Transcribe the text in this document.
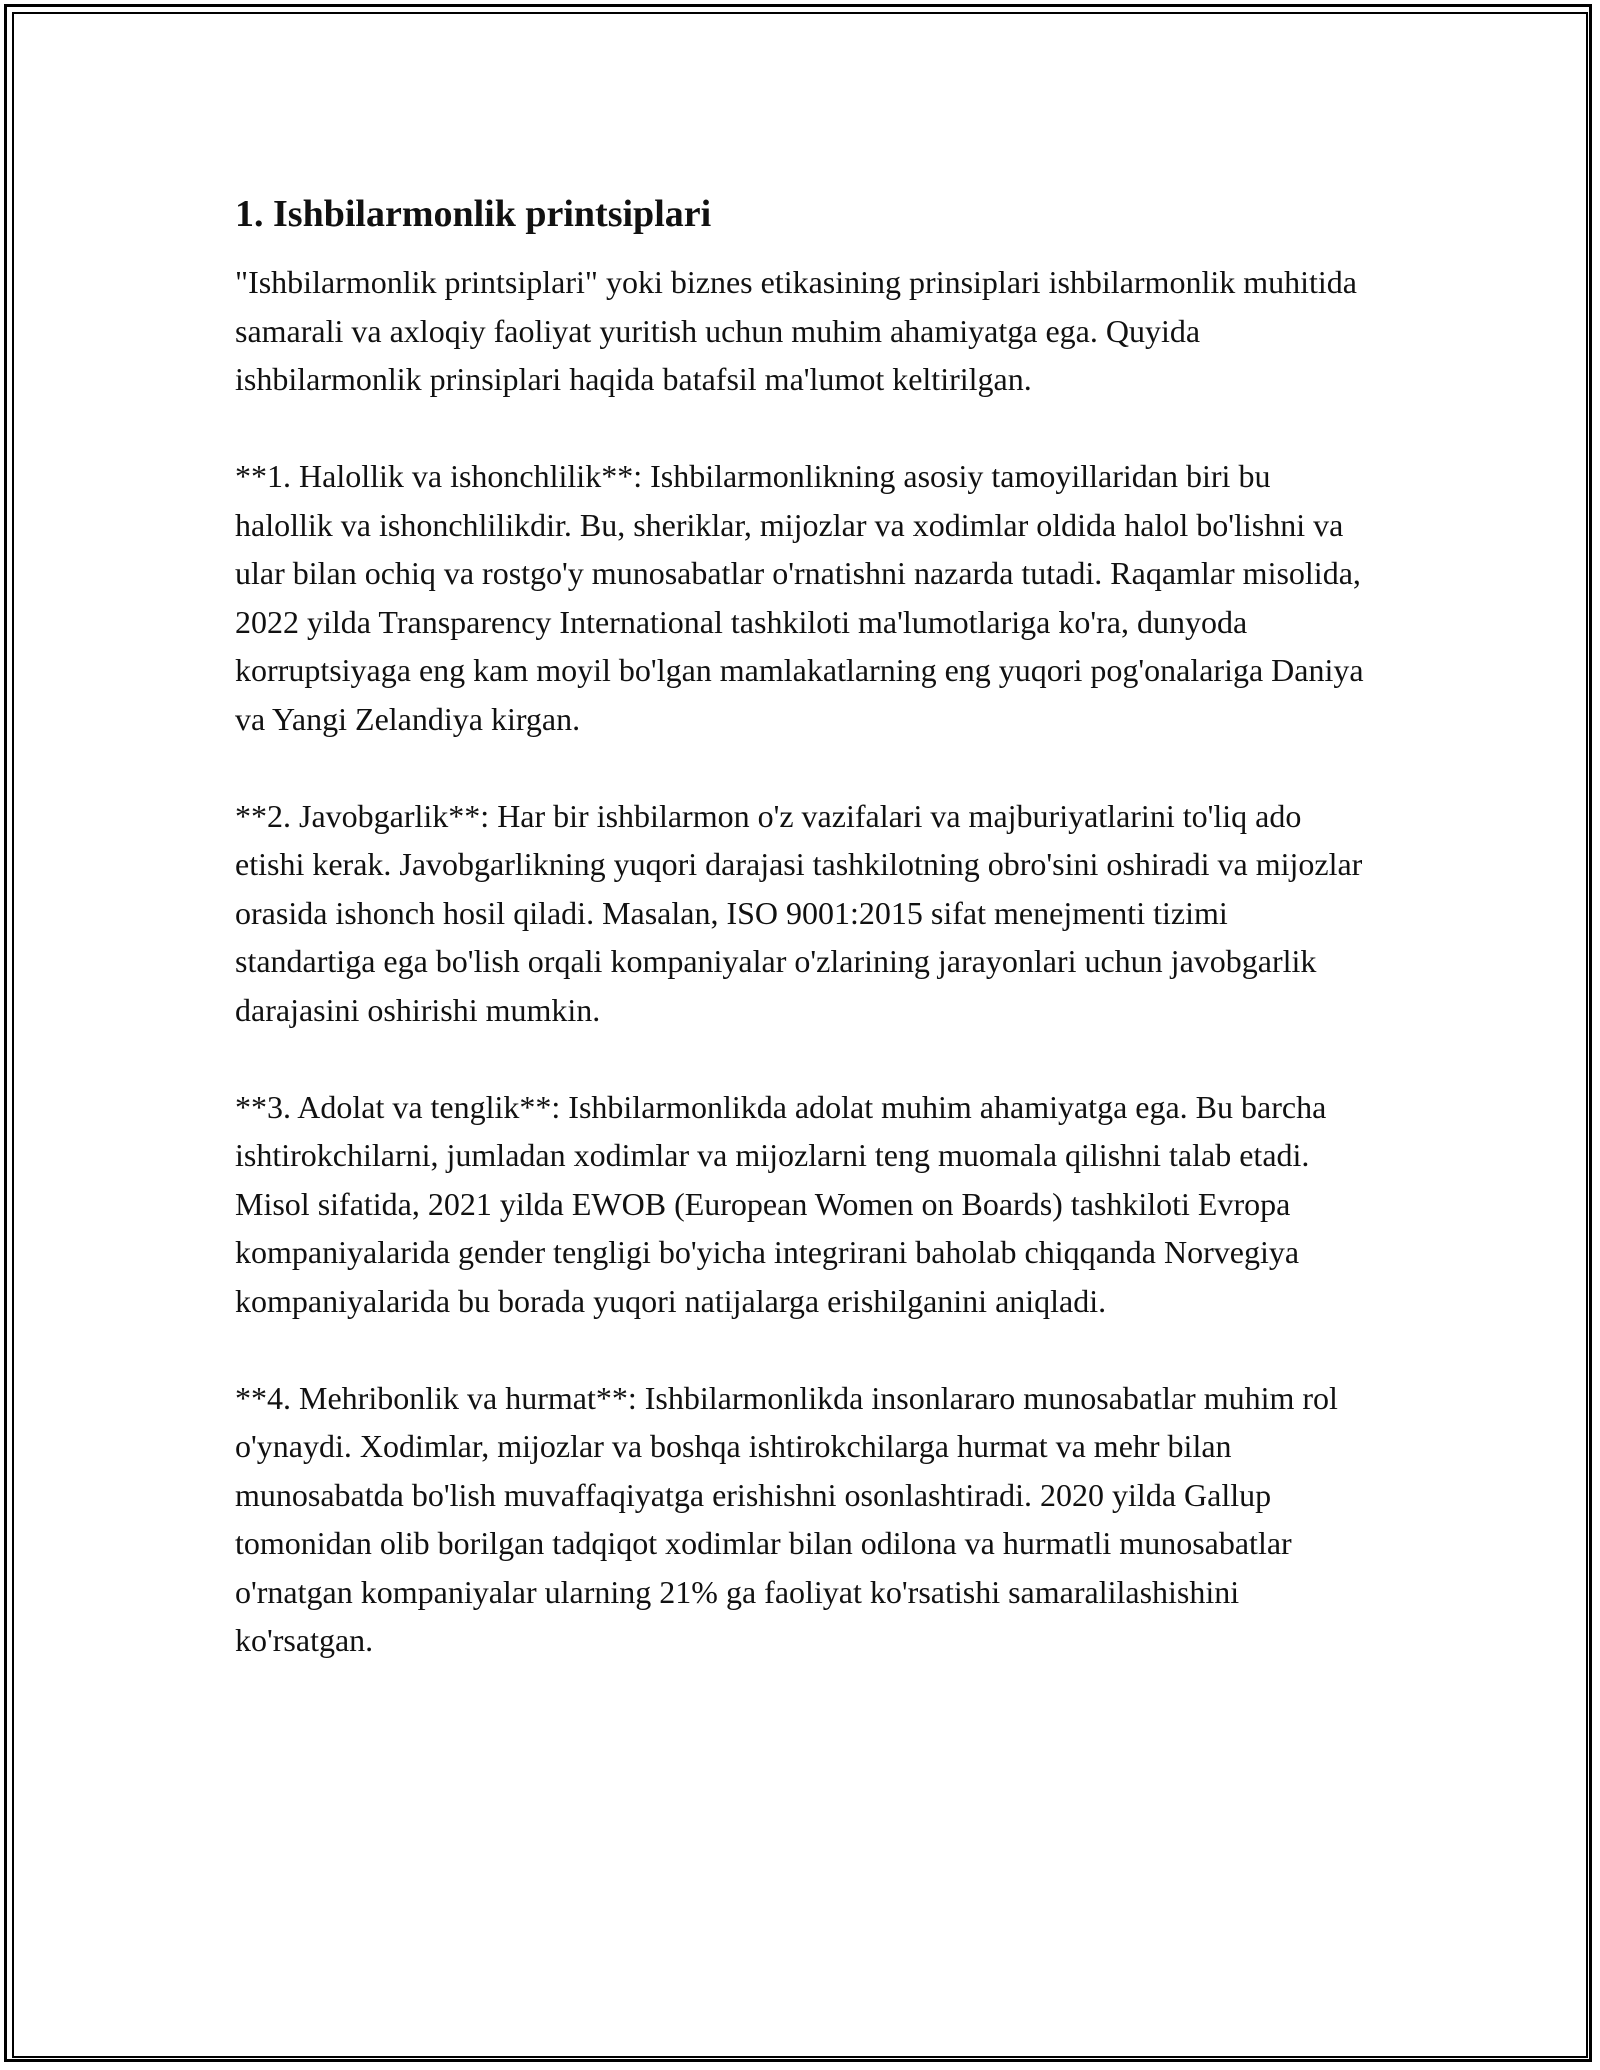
1. Ishbilarmonlik printsiplari

"Ishbilarmonlik printsiplari" yoki biznes etikasining prinsiplari ishbilarmonlik muhitida samarali va axloqiy faoliyat yuritish uchun muhim ahamiyatga ega. Quyida ishbilarmonlik prinsiplari haqida batafsil ma'lumot keltirilgan.

**1. Halollik va ishonchlilik**: Ishbilarmonlikning asosiy tamoyillaridan biri bu halollik va ishonchlilikdir. Bu, sheriklar, mijozlar va xodimlar oldida halol bo'lishni va ular bilan ochiq va rostgo'y munosabatlar o'rnatishni nazarda tutadi. Raqamlar misolida, 2022 yilda Transparency International tashkiloti ma'lumotlariga ko'ra, dunyoda korruptsiyaga eng kam moyil bo'lgan mamlakatlarning eng yuqori pog'onalariga Daniya va Yangi Zelandiya kirgan.

**2. Javobgarlik**: Har bir ishbilarmon o'z vazifalari va majburiyatlarini to'liq ado etishi kerak. Javobgarlikning yuqori darajasi tashkilotning obro'sini oshiradi va mijozlar orasida ishonch hosil qiladi. Masalan, ISO 9001:2015 sifat menejmenti tizimi standartiga ega bo'lish orqali kompaniyalar o'zlarining jarayonlari uchun javobgarlik darajasini oshirishi mumkin.

**3. Adolat va tenglik**: Ishbilarmonlikda adolat muhim ahamiyatga ega. Bu barcha ishtirokchilarni, jumladan xodimlar va mijozlarni teng muomala qilishni talab etadi. Misol sifatida, 2021 yilda EWOB (European Women on Boards) tashkiloti Evropa kompaniyalarida gender tengligi bo'yicha integrirani baholab chiqqanda Norvegiya kompaniyalarida bu borada yuqori natijalarga erishilganini aniqladi.

**4. Mehribonlik va hurmat**: Ishbilarmonlikda insonlararo munosabatlar muhim rol o'ynaydi. Xodimlar, mijozlar va boshqa ishtirokchilarga hurmat va mehr bilan munosabatda bo'lish muvaffaqiyatga erishishni osonlashtiradi. 2020 yilda Gallup tomonidan olib borilgan tadqiqot xodimlar bilan odilona va hurmatli munosabatlar o'rnatgan kompaniyalar ularning 21% ga faoliyat ko'rsatishi samaralilashishini ko'rsatgan.
